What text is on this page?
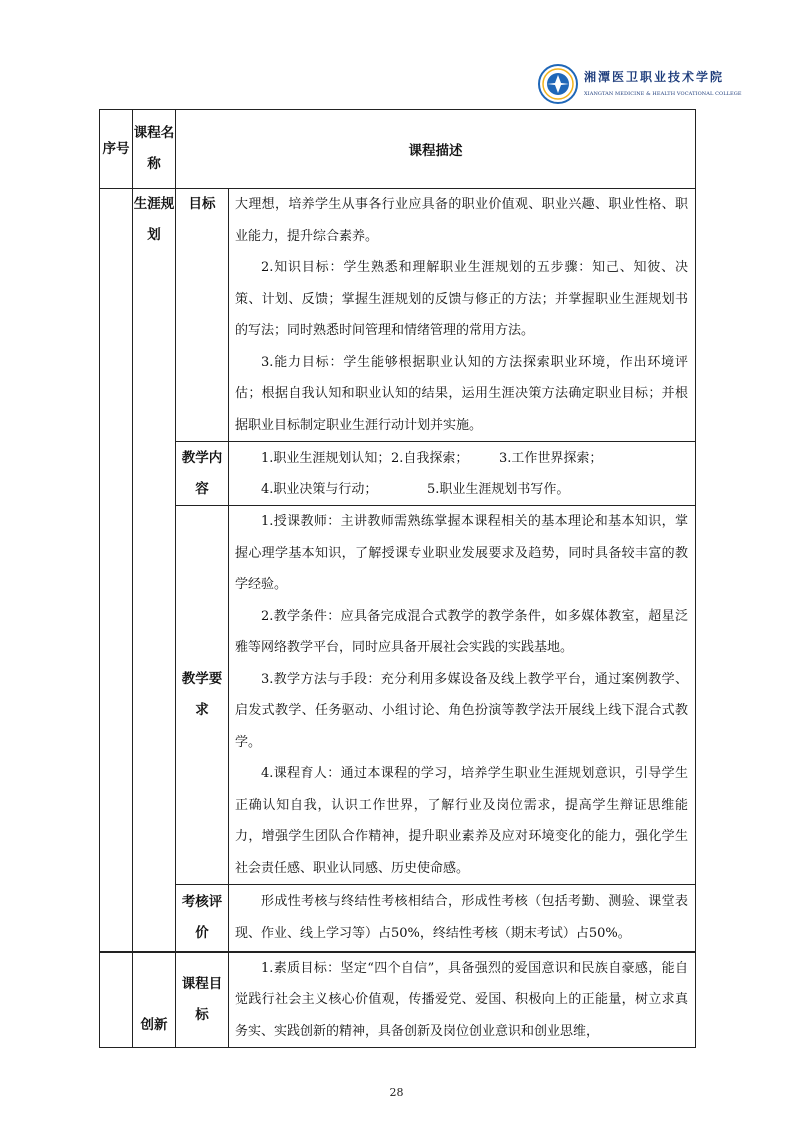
湘潭医卫职业技术学院
XIANGTAN MEDICINE & HEALTH VOCATIONAL COLLEGE
序号	课程名称	课程描述	
	生涯规划	目标	大理想，培养学生从事各行业应具备的职业价值观、职业兴趣、职业性格、职业能力，提升综合素养。

2.知识目标：学生熟悉和理解职业生涯规划的五步骤：知己、知彼、决策、计划、反馈；掌握生涯规划的反馈与修正的方法；并掌握职业生涯规划书的写法；同时熟悉时间管理和情绪管理的常用方法。

3.能力目标：学生能够根据职业认知的方法探索职业环境，作出环境评估；根据自我认知和职业认知的结果，运用生涯决策方法确定职业目标；并根据职业目标制定职业生涯行动计划并实施。

		教学内容	1.职业生涯规划认知； 2.自我探索； 3.工作世界探索；
4.职业决策与行动； 5.职业生涯规划书写作。

		教学要求	1.授课教师：主讲教师需熟练掌握本课程相关的基本理论和基本知识，掌握心理学基本知识，了解授课专业职业发展要求及趋势，同时具备较丰富的教学经验。

2.教学条件：应具备完成混合式教学的教学条件，如多媒体教室，超星泛雅等网络教学平台，同时应具备开展社会实践的实践基地。

3.教学方法与手段：充分利用多媒设备及线上教学平台，通过案例教学、启发式教学、任务驱动、小组讨论、角色扮演等教学法开展线上线下混合式教学。

4.课程育人：通过本课程的学习，培养学生职业生涯规划意识，引导学生正确认知自我，认识工作世界，了解行业及岗位需求，提高学生辩证思维能力，增强学生团队合作精神，提升职业素养及应对环境变化的能力，强化学生社会责任感、职业认同感、历史使命感。

		考核评价	形成性考核与终结性考核相结合，形成性考核（包括考勤、测验、课堂表现、作业、线上学习等）占50%，终结性考核（期末考试）占50%。

	创新	课程目标	1.素质目标：坚定“四个自信”，具备强烈的爱国意识和民族自豪感，能自觉践行社会主义核心价值观，传播爱党、爱国、积极向上的正能量，树立求真务实、实践创新的精神，具备创新及岗位创业意识和创业思维，

28
